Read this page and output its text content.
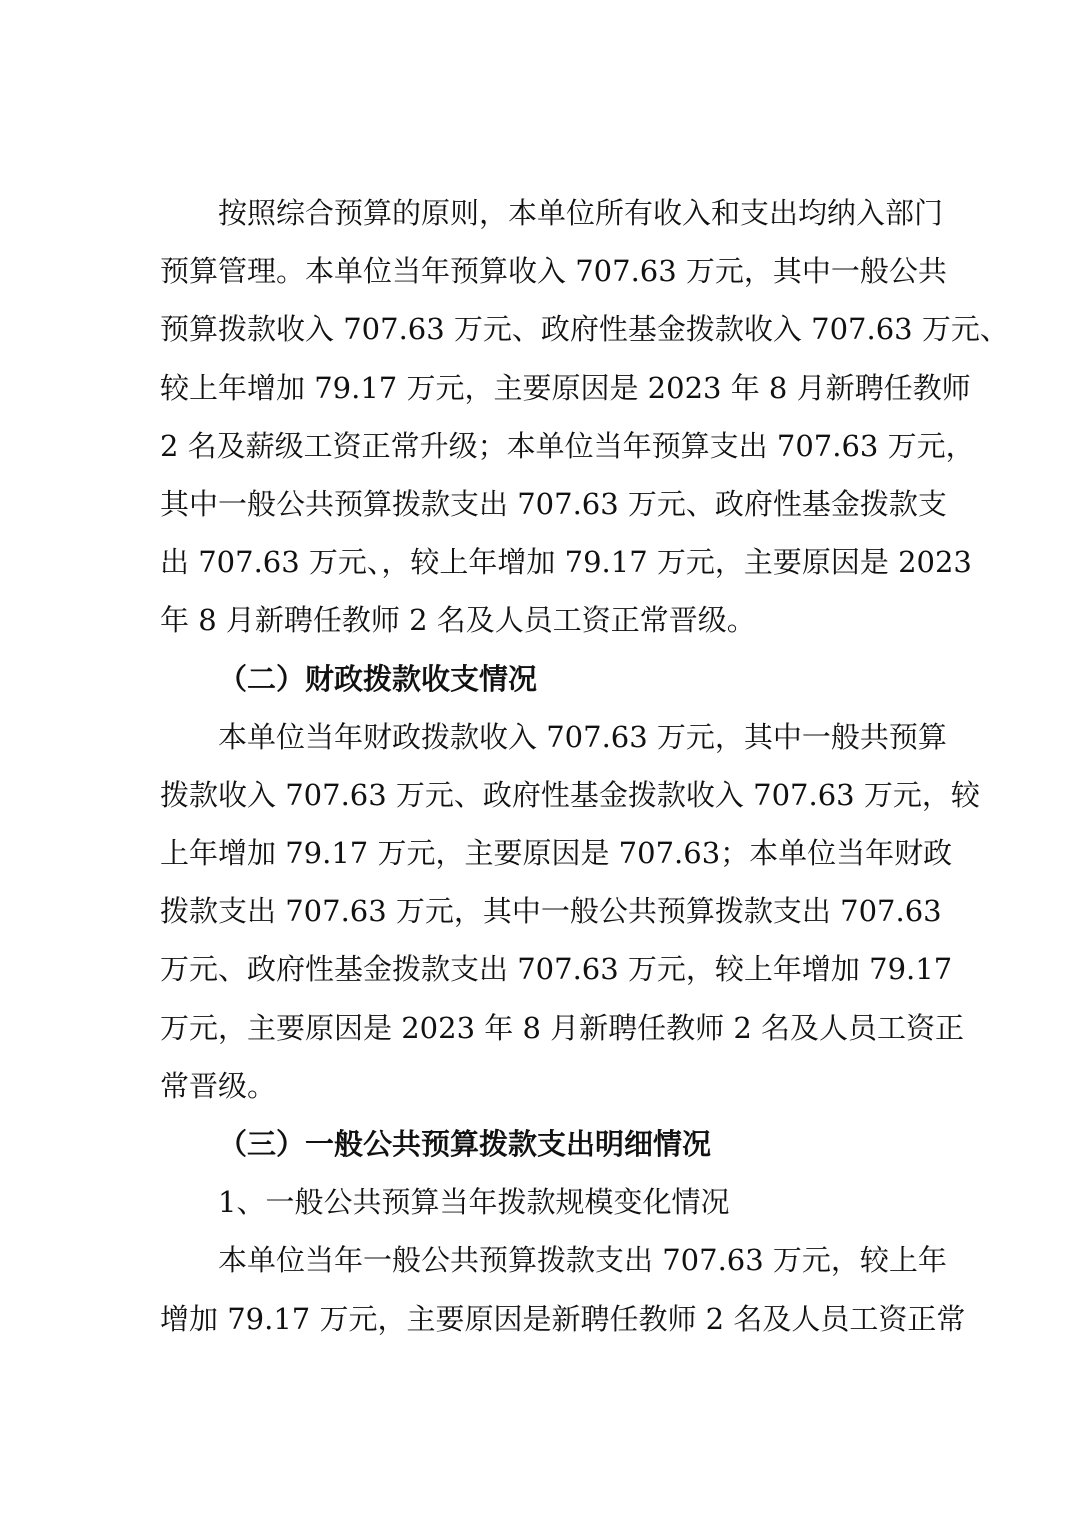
按照综合预算的原则，本单位所有收入和支出均纳入部门
预算管理。本单位当年预算收入 707.63 万元，其中一般公共
预算拨款收入 707.63 万元、政府性基金拨款收入 707.63 万元、
较上年增加 79.17 万元，主要原因是 2023 年 8 月新聘任教师
2 名及薪级工资正常升级；本单位当年预算支出 707.63 万元，
其中一般公共预算拨款支出 707.63 万元、政府性基金拨款支
出 707.63 万元、，较上年增加 79.17 万元，主要原因是 2023
年 8 月新聘任教师 2 名及人员工资正常晋级。
（二）财政拨款收支情况
本单位当年财政拨款收入 707.63 万元，其中一般共预算
拨款收入 707.63 万元、政府性基金拨款收入 707.63 万元，较
上年增加 79.17 万元，主要原因是 707.63；本单位当年财政
拨款支出 707.63 万元，其中一般公共预算拨款支出 707.63
万元、政府性基金拨款支出 707.63 万元，较上年增加 79.17
万元，主要原因是 2023 年 8 月新聘任教师 2 名及人员工资正
常晋级。
（三）一般公共预算拨款支出明细情况
1、一般公共预算当年拨款规模变化情况
本单位当年一般公共预算拨款支出 707.63 万元，较上年
增加 79.17 万元，主要原因是新聘任教师 2 名及人员工资正常
